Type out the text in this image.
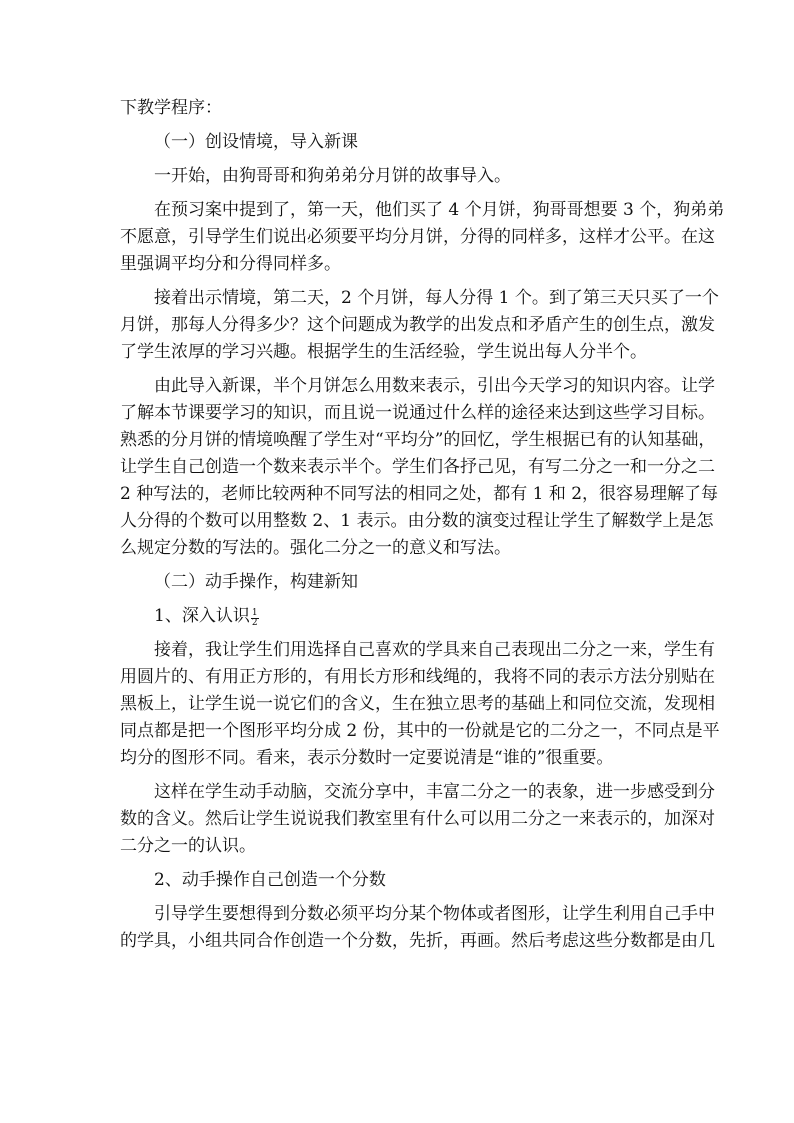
下教学程序：
（一）创设情境，导入新课
一开始，由狗哥哥和狗弟弟分月饼的故事导入。
在预习案中提到了，第一天，他们买了 4 个月饼，狗哥哥想要 3 个，狗弟弟
不愿意，引导学生们说出必须要平均分月饼，分得的同样多，这样才公平。在这
里强调平均分和分得同样多。
接着出示情境，第二天，2 个月饼，每人分得 1 个。到了第三天只买了一个
月饼，那每人分得多少？这个问题成为教学的出发点和矛盾产生的创生点，激发
了学生浓厚的学习兴趣。根据学生的生活经验，学生说出每人分半个。
由此导入新课，半个月饼怎么用数来表示，引出今天学习的知识内容。让学
了解本节课要学习的知识，而且说一说通过什么样的途径来达到这些学习目标。
熟悉的分月饼的情境唤醒了学生对“平均分”的回忆，学生根据已有的认知基础，
让学生自己创造一个数来表示半个。学生们各抒己见，有写二分之一和一分之二
2 种写法的，老师比较两种不同写法的相同之处，都有 1 和 2，很容易理解了每
人分得的个数可以用整数 2、1 表示。由分数的演变过程让学生了解数学上是怎
么规定分数的写法的。强化二分之一的意义和写法。
（二）动手操作，构建新知
1、深入认识 $\frac{1}{2}$
接着，我让学生们用选择自己喜欢的学具来自己表现出二分之一来，学生有
用圆片的、有用正方形的，有用长方形和线绳的，我将不同的表示方法分别贴在
黑板上，让学生说一说它们的含义，生在独立思考的基础上和同位交流，发现相
同点都是把一个图形平均分成 2 份，其中的一份就是它的二分之一，不同点是平
均分的图形不同。看来，表示分数时一定要说清是“谁的”很重要。
这样在学生动手动脑，交流分享中，丰富二分之一的表象，进一步感受到分
数的含义。然后让学生说说我们教室里有什么可以用二分之一来表示的，加深对
二分之一的认识。
2、动手操作自己创造一个分数
引导学生要想得到分数必须平均分某个物体或者图形，让学生利用自己手中
的学具，小组共同合作创造一个分数，先折，再画。然后考虑这些分数都是由几
